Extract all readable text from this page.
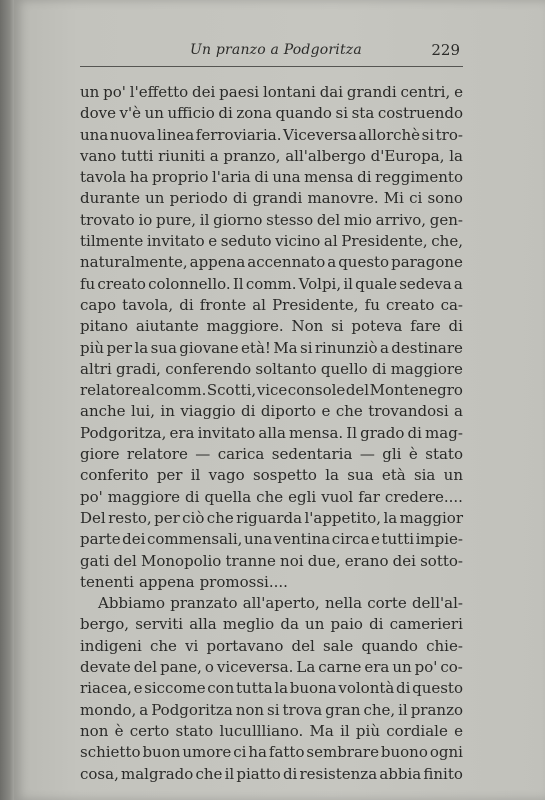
Un pranzo a Podgoritza	229
un po' l'effetto dei paesi lontani dai grandi centri, e
dove v'è un ufficio di zona quando si sta costruendo
una nuova linea ferroviaria. Viceversa allorchè si tro-
vano tutti riuniti a pranzo, all'albergo d'Europa, la
tavola ha proprio l'aria di una mensa di reggimento
durante un periodo di grandi manovre. Mi ci sono
trovato io pure, il giorno stesso del mio arrivo, gen-
tilmente invitato e seduto vicino al Presidente, che,
naturalmente, appena accennato a questo paragone
fu creato colonnello. Il comm. Volpi, il quale sedeva a
capo tavola, di fronte al Presidente, fu creato ca-
pitano aiutante maggiore. Non si poteva fare di
più per la sua giovane età! Ma si rinunziò a destinare
altri gradi, conferendo soltanto quello di maggiore
relatore al comm. Scotti, vice console del Montenegro
anche lui, in viaggio di diporto e che trovandosi a
Podgoritza, era invitato alla mensa. Il grado di mag-
giore relatore — carica sedentaria — gli è stato
conferito per il vago sospetto la sua età sia un
po' maggiore di quella che egli vuol far credere....
Del resto, per ciò che riguarda l'appetito, la maggior
parte dei commensali, una ventina circa e tutti impie-
gati del Monopolio tranne noi due, erano dei sotto-
tenenti appena promossi....
Abbiamo pranzato all'aperto, nella corte dell'al-
bergo, serviti alla meglio da un paio di camerieri
indigeni che vi portavano del sale quando chie-
devate del pane, o viceversa. La carne era un po' co-
riacea, e siccome con tutta la buona volontà di questo
mondo, a Podgoritza non si trova gran che, il pranzo
non è certo stato lucullliano. Ma il più cordiale e
schietto buon umore ci ha fatto sembrare buono ogni
cosa, malgrado che il piatto di resistenza abbia finito
